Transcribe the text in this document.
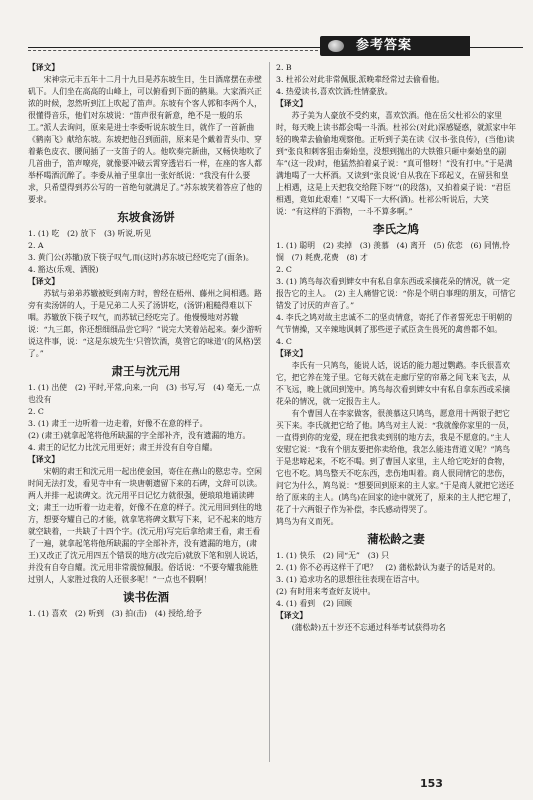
参考答案

【译文】

宋神宗元丰五年十二月十九日是苏东坡生日，生日酒席摆在赤壁矶下。人们坐在高高的山峰上，可以俯看到下面的鹤巢。大家酒兴正浓的时候，忽然听到江上吹起了笛声。东坡有个客人郭和李两个人，很懂得音乐，他们对东坡说：“笛声很有新意，绝不是一般的乐工。”派人去询问，原来是进士李委听说东坡生日，就作了一首新曲《鹤南飞》献给东坡。东坡把他召到面前，原来是个戴着青头巾、穿着紫色皮衣、腰间插了一支笛子的人。他吹奏完新曲，又畅快地吹了几首曲子，笛声嘹亮，就像要冲破云霄穿透岩石一样，在座的客人都举杯喝酒沉醉了。李委从袖子里拿出一张好纸说：“我没有什么要求，只希望得到苏公写的一首绝句就满足了。”苏东坡笑着答应了他的要求。

东坡食汤饼

1. (1) 吃　(2) 放下　(3) 听说,听见

2. A

3. 黄门公(苏辙)放下筷子叹气,而(这时)苏东坡已经吃完了(面条)。

4. 豁达(乐观、洒脱)

【译文】

苏轼与弟弟苏辙被贬到南方时，曾经在梧州、藤州之间相遇。路旁有卖汤饼的人，于是兄弟二人买了汤饼吃，(汤饼)粗糙得难以下咽。苏辙放下筷子叹气，而苏轼已经吃完了。他慢慢地对苏辙说：“九三郎，你还想细细品尝它吗？”说完大笑着站起来。秦少游听说这件事，说：“这是东坡先生‘只管饮酒，莫管它的味道’(的风格)罢了。”

肃王与沈元用

1. (1) 出使　(2) 平时,平常,向来,一向　(3) 书写,写　(4) 毫无,一点也没有

2. C

3. (1) 肃王一边听着一边走着，好像不在意的样子。

(2) (肃王)就拿起笔将他所缺漏的字全部补齐，没有遗漏的地方。

4. 肃王的记忆力比沈元用更好；肃王并没有自夸自耀。

【译文】

宋朝的肃王和沈元用一起出使金国，寄住在燕山的愍忠寺。空闲时间无法打发，看见寺中有一块唐朝遗留下来的石碑，文辞可以读。两人并排一起读碑文。沈元用平日记忆力就很强，便琅琅地诵读碑文；肃王一边听着一边走着，好像不在意的样子。沈元用回到住的地方，想要夸耀自己的才能，就拿笔将碑文默写下来，记不起来的地方就空缺着，一共缺了十四个字。(沈元用)写完后拿给肃王看，肃王看了一遍，就拿起笔将他所缺漏的字全部补齐，没有遗漏的地方，(肃王)又改正了沈元用四五个错误的地方(改完后)就放下笔和别人说话，并没有自夸自耀。沈元用非常震惊佩服。俗话说：“不要夸耀我能胜过别人，人家胜过我的人还很多呢！”一点也不假啊！

读书佐酒

1. (1) 喜欢　(2) 听到　(3) 拍(击)　(4) 授给,给予

2. B

3. 杜祁公对此非常佩服,派晚辈经常过去偷看他。

4. 热爱读书,喜欢饮酒;性情豪放。

【译文】

苏子美为人豪放不受约束，喜欢饮酒。他在岳父杜祁公的家里时，每天晚上读书都会喝一斗酒。杜祁公(对此)深感疑惑，就派家中年轻的晚辈去偷偷地观察他。正听到子美在读《汉书·张良传》，(当他)读到“张良和刺客狙击秦始皇，没想到抛出的大铁锥只砸中秦始皇的副车”(这一段)时，他猛然拍着桌子说：“真可惜呀！”没有打中。”于是满满地喝了一大杯酒。又读到“张良说‘自从我在下邳起义，在留县和皇上相遇，这是上天把我交给陛下呀’”(的段落)，又拍着桌子说：“君臣相遇，竟如此艰难！”又喝下一大杯(酒)。杜祁公听说后，大笑说：“有这样的下酒物，一斗不算多啊。”

李氏之鸠

1. (1) 聪明　(2) 卖掉　(3) 羡慕　(4) 离开　(5) 依恋　(6) 同情,怜悯　(7) 耗费,花费　(8) 才

2. C

3. (1) 鸠鸟每次看到婢女中有私自拿东西或采摘花朵的情况，就一定报告它的主人。　(2) 主人痛惜它说：“你是个明白事理的朋友，可惜它错发了讨厌的声音了。”

4. 李氏之鸠对故主忠诚不二的坚贞情意，寄托了作者誓死忠于明朝的气节情操，又辛辣地讽刺了那些逆子贰臣贪生畏死的禽兽都不如。

4. C

【译文】

李氏有一只鸠鸟，能说人话，说话的能力超过鹦鹉。李氏很喜欢它，把它养在笼子里。它每天就在走廊厅堂的帘幕之间飞来飞去，从不飞远，晚上就回到笼中。鸠鸟每次看到婢女中有私自拿东西或采摘花朵的情况，就一定报告主人。

有个曹国人在李家做客，很羡慕这只鸠鸟，愿意用十两银子把它买下来。李氏就把它给了他。鸠鸟对主人说：“我就像你家里的一员，一直得到你的宠爱，现在把我卖到别的地方去，我是不愿意的。”主人安慰它说：“我有个朋友要把你卖给他，我怎么能违背道义呢？”鸠鸟于是悲啼起来，不吃不喝。到了曹国人家里，主人给它吃好的食物，它也不吃。鸠鸟整天不吃东西，悲伤地叫着。商人很同情它的悲伤，问它为什么，鸠鸟说：“想要回到原来的主人家。”于是商人就把它送还给了原来的主人。(鸠鸟)在回家的途中就死了，原来的主人把它埋了，花了十六两银子作为补偿，李氏感动得哭了。

鸠鸟为有义而死。

蒲松龄之妻

1. (1) 快乐　(2) 同“无”　(3) 只

2. (1) 你不必再这样干了吧？　(2) 蒲松龄认为妻子的话是对的。

3. (1) 追求功名的思想往往表现在语言中。

(2) 有时用来考查好友说中。

4. (1) 看到　(2) 回顾

【译文】

(蒲松龄)五十岁还不忘通过科举考试获得功名

153
